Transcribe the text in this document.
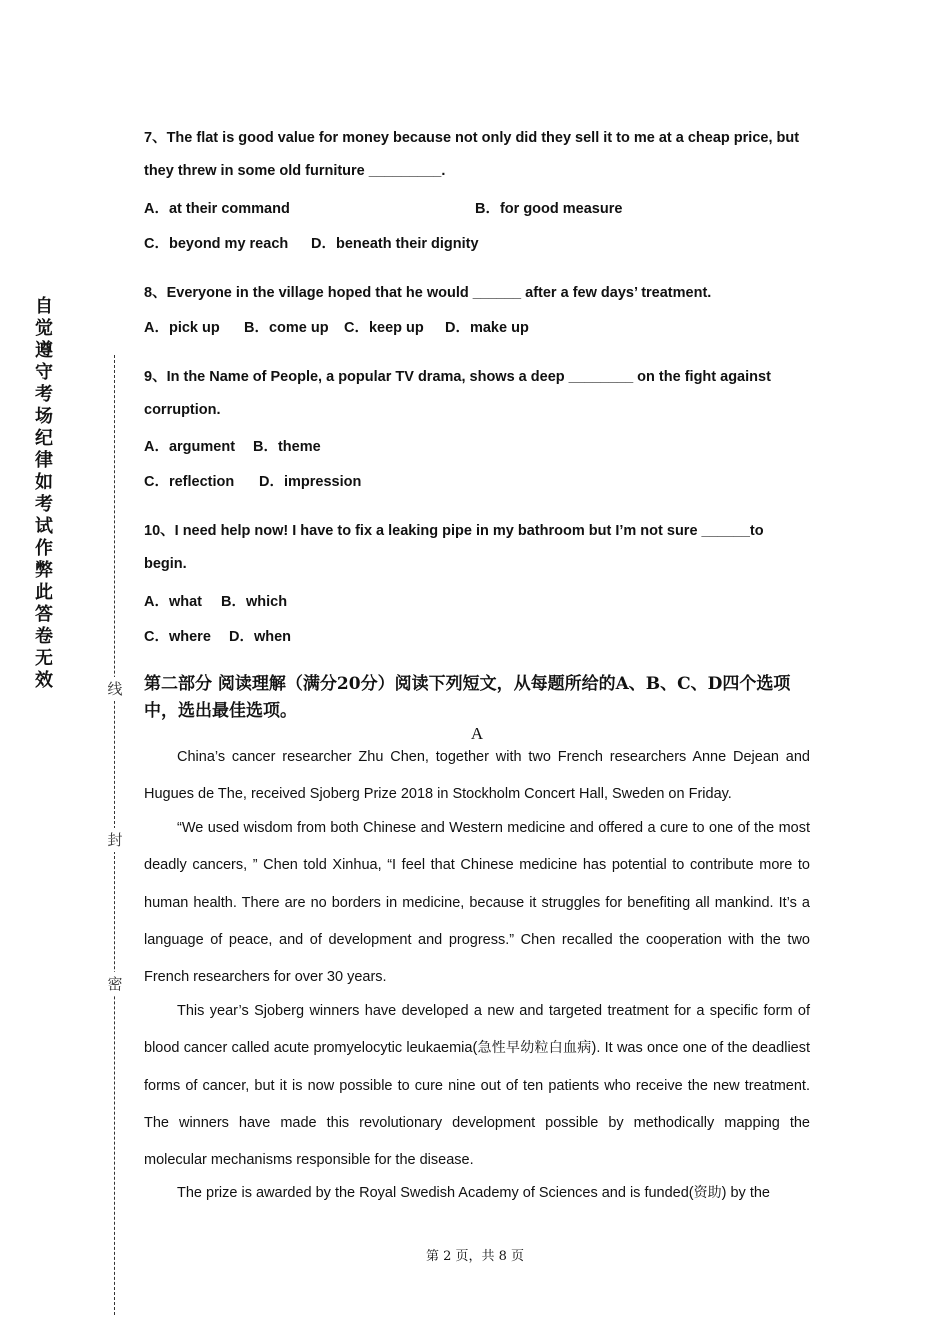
自觉遵守考场纪律如考试作弊此答卷无效	线
封
密
7、The flat is good value for money because not only did they sell it to me at a cheap price, but
they threw in some old furniture _________.
A．at their command	B．for good measure
C．beyond my reach D．beneath their dignity
8、Everyone in the village hoped that he would ______ after a few days’ treatment.
A．pick up B．come up C．keep up D．make up
9、In the Name of People, a popular TV drama, shows a deep ________ on the fight against
corruption.
A．argument B．theme
C．reflection D．impression
10、I need help now! I have to fix a leaking pipe in my bathroom but I’m not sure ______to
begin.
A．what B．which
C．where D．when
第二部分 阅读理解（满分20分）阅读下列短文，从每题所给的A、B、C、D四个选项中，选出最佳选项。
A
China’s cancer researcher Zhu Chen, together with two French researchers Anne Dejean and Hugues de The, received Sjoberg Prize 2018 in Stockholm Concert Hall, Sweden on Friday.
“We used wisdom from both Chinese and Western medicine and offered a cure to one of the most deadly cancers, ” Chen told Xinhua, “I feel that Chinese medicine has potential to contribute more to human health. There are no borders in medicine, because it struggles for benefiting all mankind. It’s a language of peace, and of development and progress.” Chen recalled the cooperation with the two French researchers for over 30 years.
This year’s Sjoberg winners have developed a new and targeted treatment for a specific form of blood cancer called acute promyelocytic leukaemia(急性早幼粒白血病). It was once one of the deadliest forms of cancer, but it is now possible to cure nine out of ten patients who receive the new treatment. The winners have made this revolutionary development possible by methodically mapping the molecular mechanisms responsible for the disease.
The prize is awarded by the Royal Swedish Academy of Sciences and is funded(资助) by the
第 2 页，共 8 页
